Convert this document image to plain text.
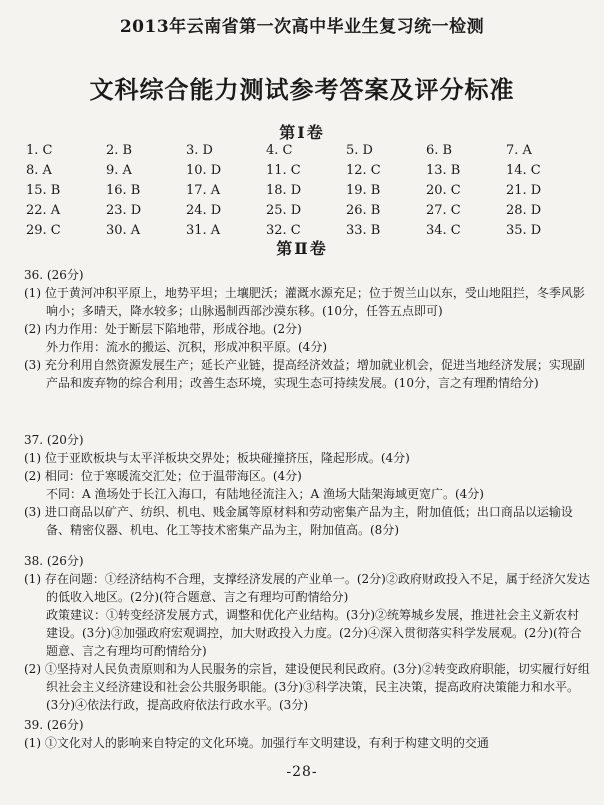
2013年云南省第一次高中毕业生复习统一检测
文科综合能力测试参考答案及评分标准
第Ⅰ卷
1. C	2. B	3. D	4. C	5. D	6. B	7. A
8. A	9. A	10. D	11. C	12. C	13. B	14. C
15. B	16. B	17. A	18. D	19. B	20. C	21. D
22. A	23. D	24. D	25. D	26. B	27. C	28. D
29. C	30. A	31. A	32. C	33. B	34. C	35. D
第Ⅱ卷

36. (26分)

(1) 位于黄河冲积平原上，地势平坦；土壤肥沃；灌溉水源充足；位于贺兰山以东，受山地阻拦，冬季风影响小；多晴天，降水较多；山脉遏制西部沙漠东移。(10分，任答五点即可)

(2) 内力作用：处于断层下陷地带，形成谷地。(2分)

外力作用：流水的搬运、沉积，形成冲积平原。(4分)

(3) 充分利用自然资源发展生产；延长产业链，提高经济效益；增加就业机会，促进当地经济发展；实现副产品和废弃物的综合利用；改善生态环境，实现生态可持续发展。(10分，言之有理酌情给分)

37. (20分)

(1) 位于亚欧板块与太平洋板块交界处；板块碰撞挤压，隆起形成。(4分)

(2) 相同：位于寒暖流交汇处；位于温带海区。(4分)

不同：A 渔场处于长江入海口，有陆地径流注入；A 渔场大陆架海域更宽广。(4分)

(3) 进口商品以矿产、纺织、机电、贱金属等原材料和劳动密集产品为主，附加值低；出口商品以运输设备、精密仪器、机电、化工等技术密集产品为主，附加值高。(8分)

38. (26分)

(1) 存在问题：①经济结构不合理，支撑经济发展的产业单一。(2分)②政府财政投入不足，属于经济欠发达的低收入地区。(2分)(符合题意、言之有理均可酌情给分)

政策建议：①转变经济发展方式，调整和优化产业结构。(3分)②统筹城乡发展，推进社会主义新农村建设。(3分)③加强政府宏观调控，加大财政投入力度。(2分)④深入贯彻落实科学发展观。(2分)(符合题意、言之有理均可酌情给分)

(2) ①坚持对人民负责原则和为人民服务的宗旨，建设便民利民政府。(3分)②转变政府职能，切实履行好组织社会主义经济建设和社会公共服务职能。(3分)③科学决策，民主决策，提高政府决策能力和水平。(3分)④依法行政，提高政府依法行政水平。(3分)

39. (26分)

(1) ①文化对人的影响来自特定的文化环境。加强行车文明建设，有利于构建文明的交通

-28-
